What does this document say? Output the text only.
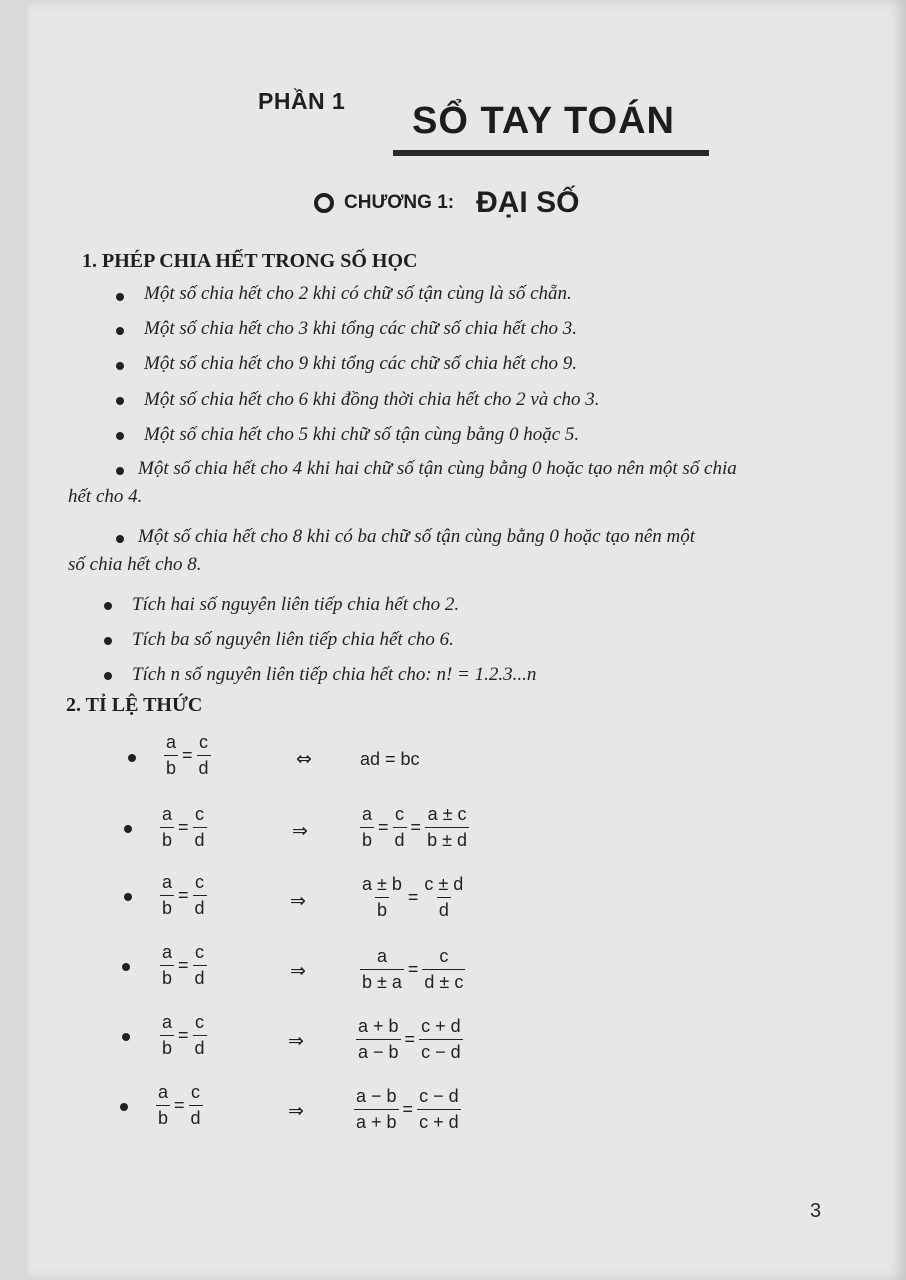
PHẦN 1 SỔ TAY TOÁN
CHƯƠNG 1: ĐẠI SỐ
1. PHÉP CHIA HẾT TRONG SỐ HỌC
Một số chia hết cho 2 khi có chữ số tận cùng là số chẵn.
Một số chia hết cho 3 khi tổng các chữ số chia hết cho 3.
Một số chia hết cho 9 khi tổng các chữ số chia hết cho 9.
Một số chia hết cho 6 khi đồng thời chia hết cho 2 và cho 3.
Một số chia hết cho 5 khi chữ số tận cùng bằng 0 hoặc 5.
Một số chia hết cho 4 khi hai chữ số tận cùng bằng 0 hoặc tạo nên một số chia
hết cho 4.
Một số chia hết cho 8 khi có ba chữ số tận cùng bằng 0 hoặc tạo nên một
số chia hết cho 8.
Tích hai số nguyên liên tiếp chia hết cho 2.
Tích ba số nguyên liên tiếp chia hết cho 6.
Tích n số nguyên liên tiếp chia hết cho: n! = 1.2.3...n
2. TỈ LỆ THỨC
$\frac{a}{b} = \frac{c}{d}$	⇔	ad = bc
$\frac{a}{b} = \frac{c}{d}$	⇒	$\frac{a}{b} = \frac{c}{d} = \frac{a \pm c}{b \pm d}$
$\frac{a}{b} = \frac{c}{d}$	⇒	$\frac{a \pm b}{b} = \frac{c \pm d}{d}$
$\frac{a}{b} = \frac{c}{d}$	⇒	$\frac{a}{b \pm a} = \frac{c}{d \pm c}$
$\frac{a}{b} = \frac{c}{d}$	⇒	$\frac{a + b}{a - b} = \frac{c + d}{c - d}$
$\frac{a}{b} = \frac{c}{d}$	⇒	$\frac{a - b}{a + b} = \frac{c - d}{c + d}$
3
